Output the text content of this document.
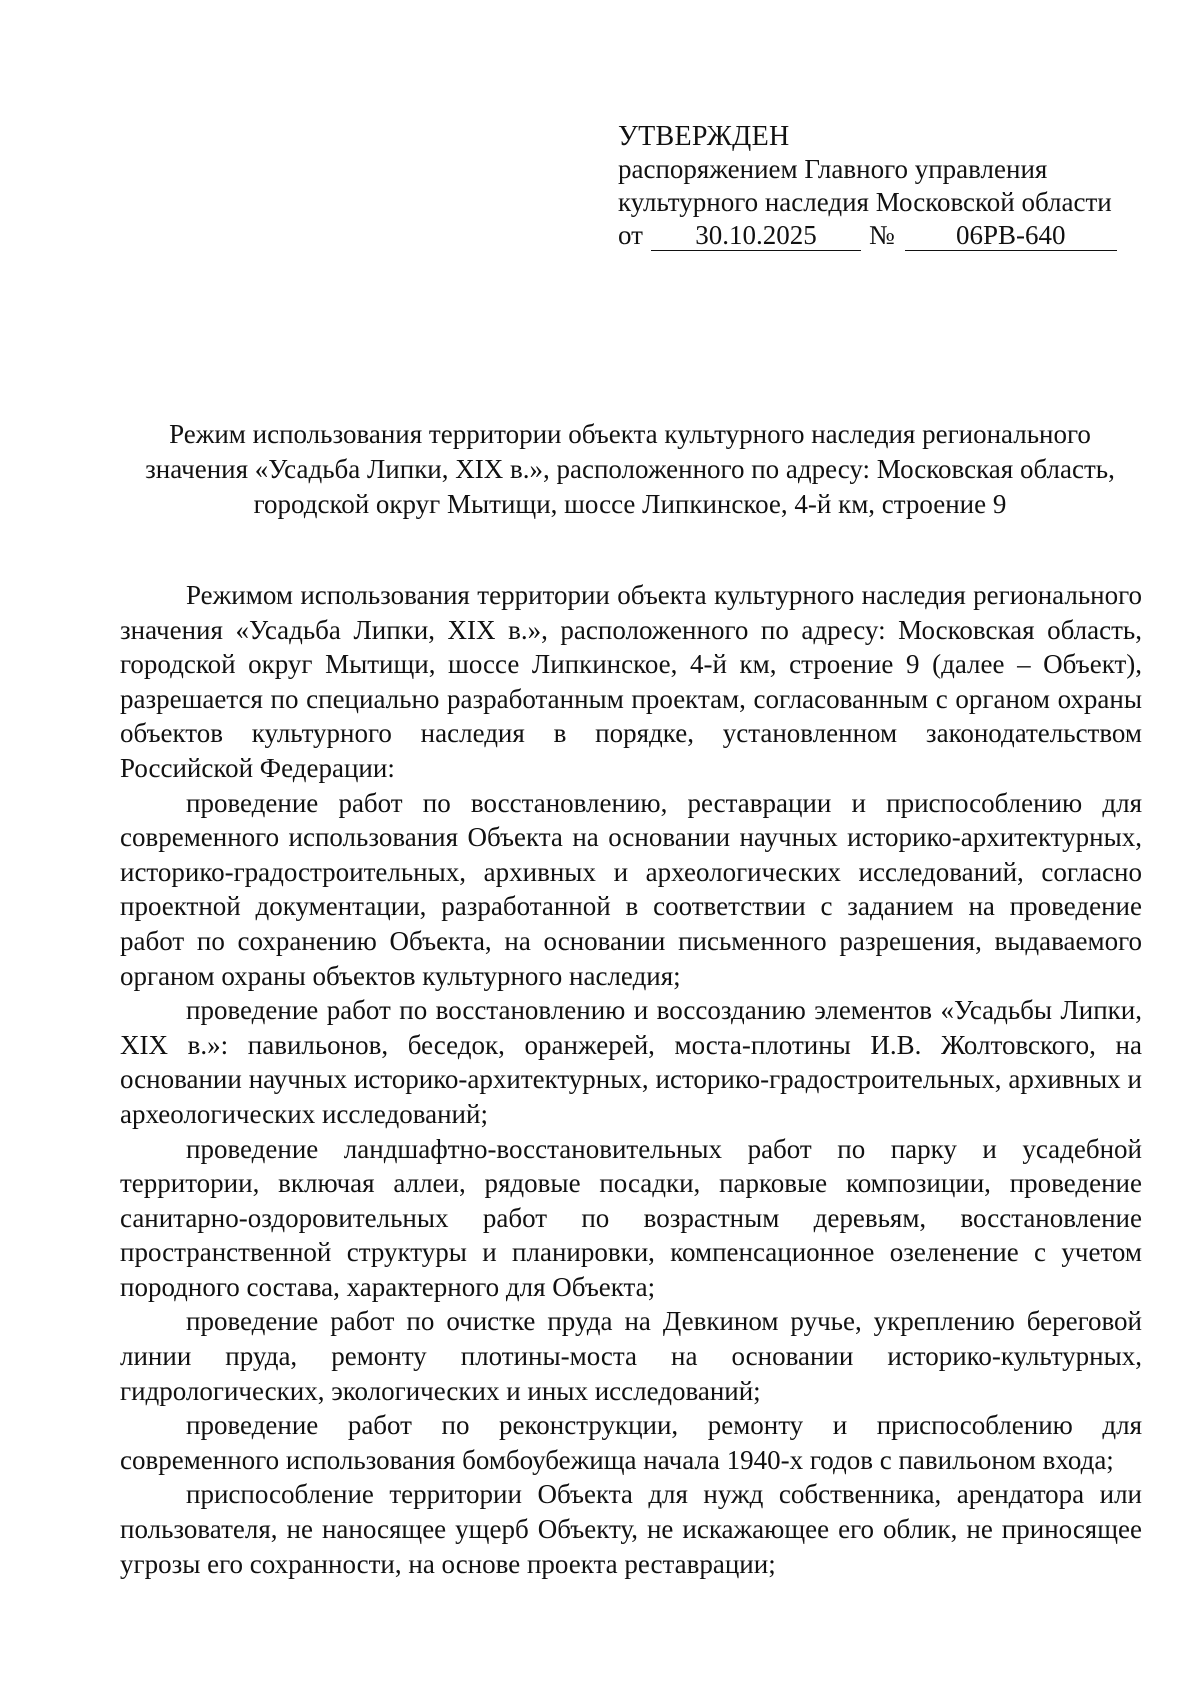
УТВЕРЖДЕН
распоряжением Главного управления
культурного наследия Московской области
от	30.10.2025	№	06РВ-640
Режим использования территории объекта культурного наследия регионального
значения «Усадьба Липки, XIX в.», расположенного по адресу: Московская область,
городской округ Мытищи, шоссе Липкинское, 4-й км, строение 9

Режимом использования территории объекта культурного наследия регионального значения «Усадьба Липки, XIX в.», расположенного по адресу: Московская область, городской округ Мытищи, шоссе Липкинское, 4-й км, строение 9 (далее – Объект), разрешается по специально разработанным проектам, согласованным с органом охраны объектов культурного наследия в порядке, установленном законодательством Российской Федерации:

проведение работ по восстановлению, реставрации и приспособлению для современного использования Объекта на основании научных историко-архитектурных, историко-градостроительных, архивных и археологических исследований, согласно проектной документации, разработанной в соответствии с заданием на проведение работ по сохранению Объекта, на основании письменного разрешения, выдаваемого органом охраны объектов культурного наследия;

проведение работ по восстановлению и воссозданию элементов «Усадьбы Липки, XIX в.»: павильонов, беседок, оранжерей, моста-плотины И.В. Жолтовского, на основании научных историко-архитектурных, историко-градостроительных, архивных и археологических исследований;

проведение ландшафтно-восстановительных работ по парку и усадебной территории, включая аллеи, рядовые посадки, парковые композиции, проведение санитарно-оздоровительных работ по возрастным деревьям, восстановление пространственной структуры и планировки, компенсационное озеленение с учетом породного состава, характерного для Объекта;

проведение работ по очистке пруда на Девкином ручье, укреплению береговой линии пруда, ремонту плотины-моста на основании историко-культурных, гидрологических, экологических и иных исследований;

проведение работ по реконструкции, ремонту и приспособлению для современного использования бомбоубежища начала 1940-х годов с павильоном входа;

приспособление территории Объекта для нужд собственника, арендатора или пользователя, не наносящее ущерб Объекту, не искажающее его облик, не приносящее угрозы его сохранности, на основе проекта реставрации;
